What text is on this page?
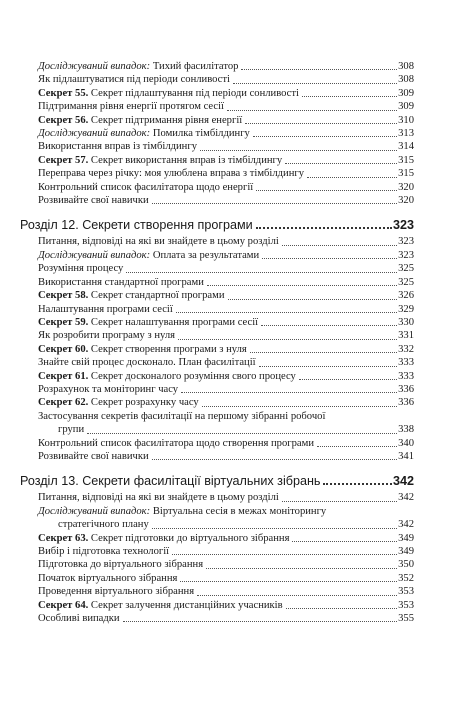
Досліджуваний випадок: Тихий фасилітатор	308
Як підлаштуватися під періоди сонливості	308
Секрет 55. Секрет підлаштування під періоди сонливості	309
Підтримання рівня енергії протягом сесії	309
Секрет 56. Секрет підтримання рівня енергії	310
Досліджуваний випадок: Помилка тімбілдингу	313
Використання вправ із тімбілдингу	314
Секрет 57. Секрет використання вправ із тімбілдингу	315
Переправа через річку: моя улюблена вправа з тімбілдингу	315
Контрольний список фасилітатора щодо енергії	320
Розвивайте свої навички	320
Розділ 12. Секрети створення програми	323
Питання, відповіді на які ви знайдете в цьому розділі	323
Досліджуваний випадок: Оплата за результатами	323
Розуміння процесу	325
Використання стандартної програми	325
Секрет 58. Секрет стандартної програми	326
Налаштування програми сесії	329
Секрет 59. Секрет налаштування програми сесії	330
Як розробити програму з нуля	331
Секрет 60. Секрет створення програми з нуля	332
Знайте свій процес досконало. План фасилітації	333
Секрет 61. Секрет досконалого розуміння свого процесу	333
Розрахунок та моніторинг часу	336
Секрет 62. Секрет розрахунку часу	336
Застосування секретів фасилітації на першому зібранні робочої
групи	338
Контрольний список фасилітатора щодо створення програми	340
Розвивайте свої навички	341
Розділ 13. Секрети фасилітації віртуальних зібрань	342
Питання, відповіді на які ви знайдете в цьому розділі	342
Досліджуваний випадок: Віртуальна сесія в межах моніторингу
стратегічного плану	342
Секрет 63. Секрет підготовки до віртуального зібрання	349
Вибір і підготовка технології	349
Підготовка до віртуального зібрання	350
Початок віртуального зібрання	352
Проведення віртуального зібрання	353
Секрет 64. Секрет залучення дистанційних учасників	353
Особливі випадки	355
